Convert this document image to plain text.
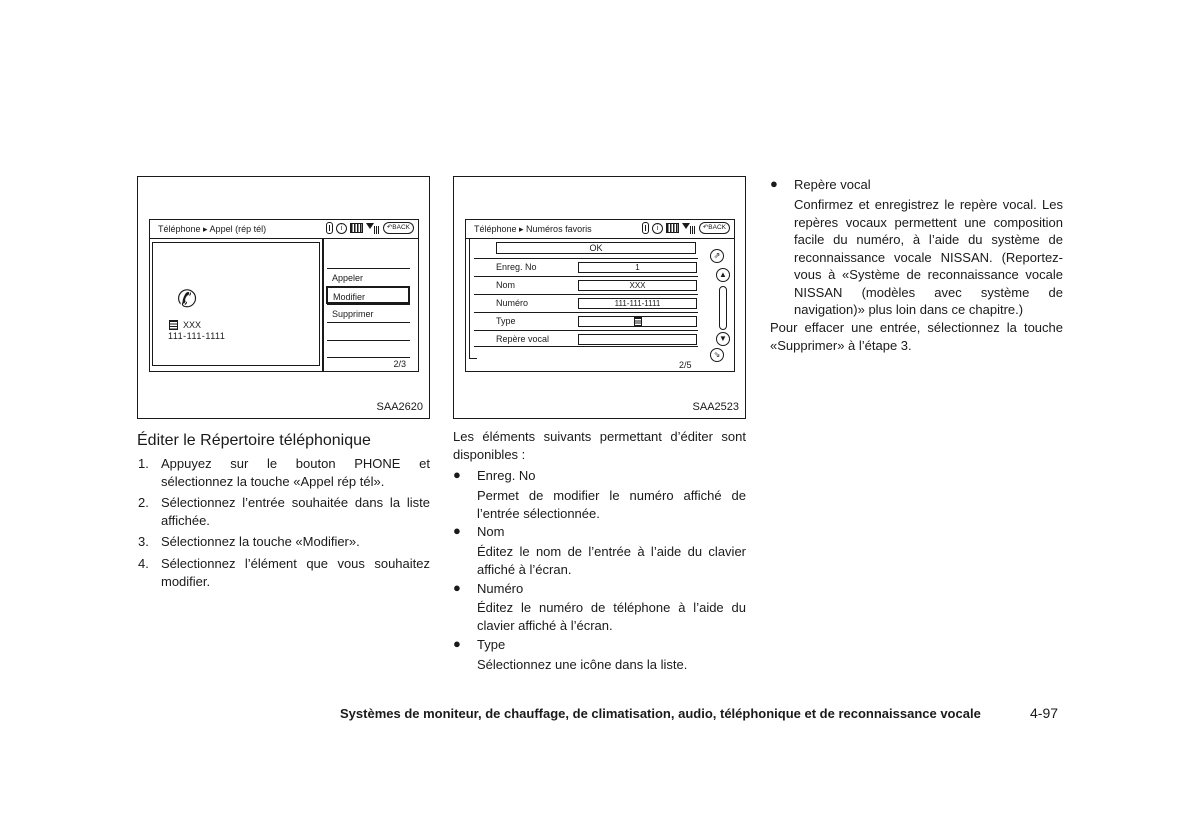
Téléphone ▸ Appel (rép tél)	i	↶BACK
✆
XXX
111-111-1111
Appeler
Modifier
Supprimer
2/3
SAA2620
Téléphone ▸ Numéros favoris	i	↶BACK
OK
Enreg. No	1
Nom	XXX
Numéro	111-111-1111
Type
Repère vocal
⇗
▲
▼
⇘
2/5
SAA2523
Éditer le Répertoire téléphonique
1. Appuyez sur le bouton PHONE et sélectionnez la touche «Appel rép tél».
2. Sélectionnez l’entrée souhaitée dans la liste affichée.
3. Sélectionnez la touche «Modifier».
4. Sélectionnez l’élément que vous souhaitez modifier.
Les éléments suivants permettant d’éditer sont disponibles :
● Enreg. No
Permet de modifier le numéro affiché de l’entrée sélectionnée.
● Nom
Éditez le nom de l’entrée à l’aide du clavier affiché à l’écran.
● Numéro
Éditez le numéro de téléphone à l’aide du clavier affiché à l’écran.
● Type
Sélectionnez une icône dans la liste.
● Repère vocal
Confirmez et enregistrez le repère vocal. Les repères vocaux permettent une composition facile du numéro, à l’aide du système de reconnaissance vocale NISSAN. (Reportez-vous à «Système de reconnaissance vocale NISSAN (modèles avec système de navigation)» plus loin dans ce chapitre.)
Pour effacer une entrée, sélectionnez la touche «Supprimer» à l’étape 3.
Systèmes de moniteur, de chauffage, de climatisation, audio, téléphonique et de reconnaissance vocale	4-97
